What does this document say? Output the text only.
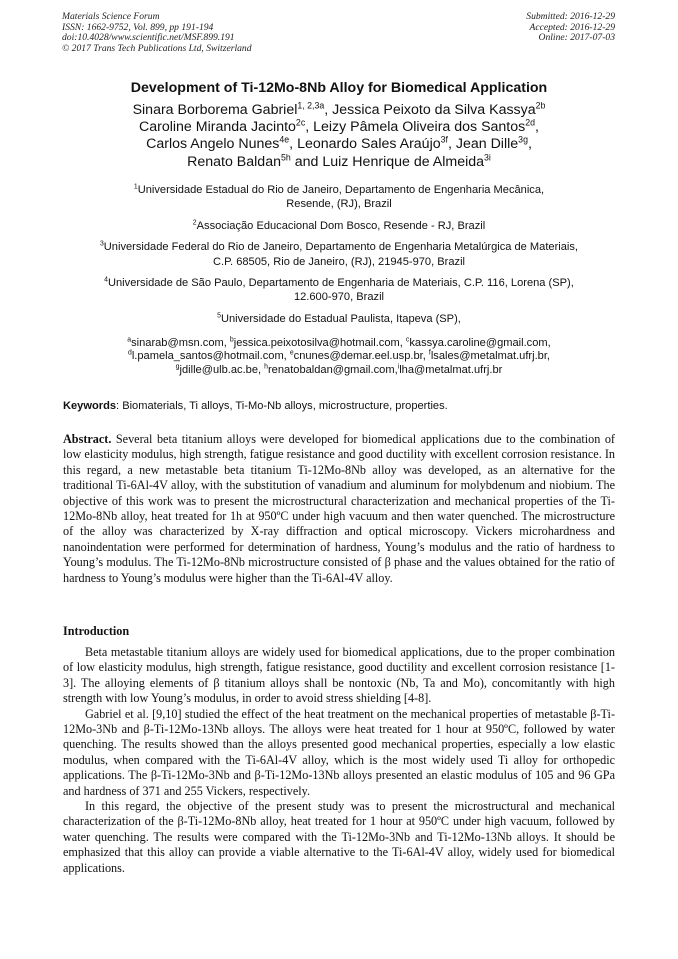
Materials Science Forum
ISSN: 1662-9752, Vol. 899, pp 191-194
doi:10.4028/www.scientific.net/MSF.899.191
© 2017 Trans Tech Publications Ltd, Switzerland
Submitted: 2016-12-29
Accepted: 2016-12-29
Online: 2017-07-03
Development of Ti-12Mo-8Nb Alloy for Biomedical Application
Sinara Borborema Gabriel$^{1, 2,3a}$, Jessica Peixoto da Silva Kassya$^{2b}$
Caroline Miranda Jacinto$^{2c}$, Leizy Pâmela Oliveira dos Santos$^{2d}$,
Carlos Angelo Nunes$^{4e}$, Leonardo Sales Araújo$^{3f}$, Jean Dille$^{3g}$,
Renato Baldan$^{5h}$ and Luiz Henrique de Almeida$^{3i}$
$^1$Universidade Estadual do Rio de Janeiro, Departamento de Engenharia Mecânica,
Resende, (RJ), Brazil
$^2$Associação Educacional Dom Bosco, Resende - RJ, Brazil
$^3$Universidade Federal do Rio de Janeiro, Departamento de Engenharia Metalúrgica de Materiais,
C.P. 68505, Rio de Janeiro, (RJ), 21945-970, Brazil
$^4$Universidade de São Paulo, Departamento de Engenharia de Materiais, C.P. 116, Lorena (SP),
12.600-970, Brazil
$^5$Universidade do Estadual Paulista, Itapeva (SP),
$^a$sinarab@msn.com, $^b$jessica.peixotosilva@hotmail.com, $^c$kassya.caroline@gmail.com,
$^d$l.pamela_santos@hotmail.com, $^e$cnunes@demar.eel.usp.br, $^f$lsales@metalmat.ufrj.br,
$^g$jdille@ulb.ac.be, $^h$renatobaldan@gmail.com,$^i$lha@metalmat.ufrj.br
Keywords: Biomaterials, Ti alloys, Ti-Mo-Nb alloys, microstructure, properties.

Abstract. Several beta titanium alloys were developed for biomedical applications due to the combination of low elasticity modulus, high strength, fatigue resistance and good ductility with excellent corrosion resistance. In this regard, a new metastable beta titanium Ti-12Mo-8Nb alloy was developed, as an alternative for the traditional Ti-6Al-4V alloy, with the substitution of vanadium and aluminum for molybdenum and niobium. The objective of this work was to present the microstructural characterization and mechanical properties of the Ti-12Mo-8Nb alloy, heat treated for 1h at 950ºC under high vacuum and then water quenched. The microstructure of the alloy was characterized by X-ray diffraction and optical microscopy. Vickers microhardness and nanoindentation were performed for determination of hardness, Young’s modulus and the ratio of hardness to Young’s modulus. The Ti-12Mo-8Nb microstructure consisted of β phase and the values obtained for the ratio of hardness to Young’s modulus were higher than the Ti-6Al-4V alloy.

Introduction

Beta metastable titanium alloys are widely used for biomedical applications, due to the proper combination of low elasticity modulus, high strength, fatigue resistance, good ductility and excellent corrosion resistance [1-3]. The alloying elements of β titanium alloys shall be nontoxic (Nb, Ta and Mo), concomitantly with high strength with low Young’s modulus, in order to avoid stress shielding [4-8].

Gabriel et al. [9,10] studied the effect of the heat treatment on the mechanical properties of metastable β-Ti-12Mo-3Nb and β-Ti-12Mo-13Nb alloys. The alloys were heat treated for 1 hour at 950ºC, followed by water quenching. The results showed than the alloys presented good mechanical properties, especially a low elastic modulus, when compared with the Ti-6Al-4V alloy, which is the most widely used Ti alloy for orthopedic applications. The β-Ti-12Mo-3Nb and β-Ti-12Mo-13Nb alloys presented an elastic modulus of 105 and 96 GPa and hardness of 371 and 255 Vickers, respectively.

In this regard, the objective of the present study was to present the microstructural and mechanical characterization of the β-Ti-12Mo-8Nb alloy, heat treated for 1 hour at 950ºC under high vacuum, followed by water quenching. The results were compared with the Ti-12Mo-3Nb and Ti-12Mo-13Nb alloys. It should be emphasized that this alloy can provide a viable alternative to the Ti-6Al-4V alloy, widely used for biomedical applications.
